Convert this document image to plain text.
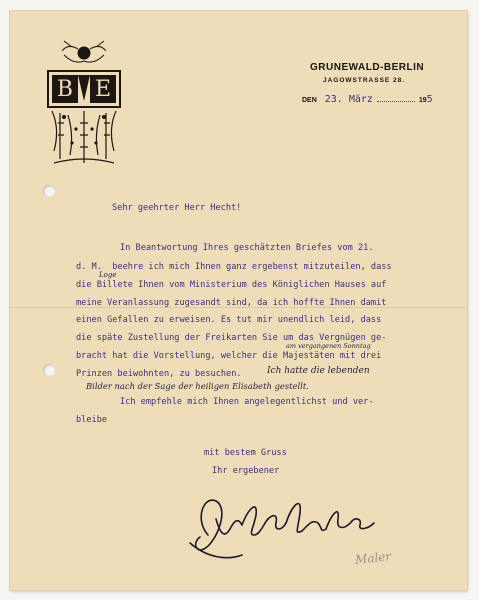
B E
GRUNEWALD-BERLIN
JAGOWSTRASSE 28.
DEN 23. März	195
Sehr geehrter Herr Hecht!
In Beantwortung Ihres geschätzten Briefes vom 21.
d. M.  beehre ich mich Ihnen ganz ergebenst mitzuteilen, dass
die Billete Ihnen vom Ministerium des Königlichen Hauses auf
meine Veranlassung zugesandt sind, da ich hoffte Ihnen damit
einen Gefallen zu erweisen. Es tut mir unendlich leid, dass
die späte Zustellung der Freikarten Sie um das Vergnügen ge-
bracht hat die Vorstellung, welcher die Majestäten mit drei
Prinzen beiwohnten, zu besuchen.
Ich empfehle mich Ihnen angelegentlichst und ver-
bleibe
mit bestem Gruss
Ihr ergebener
Loge
am vergangenen Sonntag
Ich hatte die lebenden
Bilder nach der Sage der heiligen Elisabeth gestellt.
Maler
